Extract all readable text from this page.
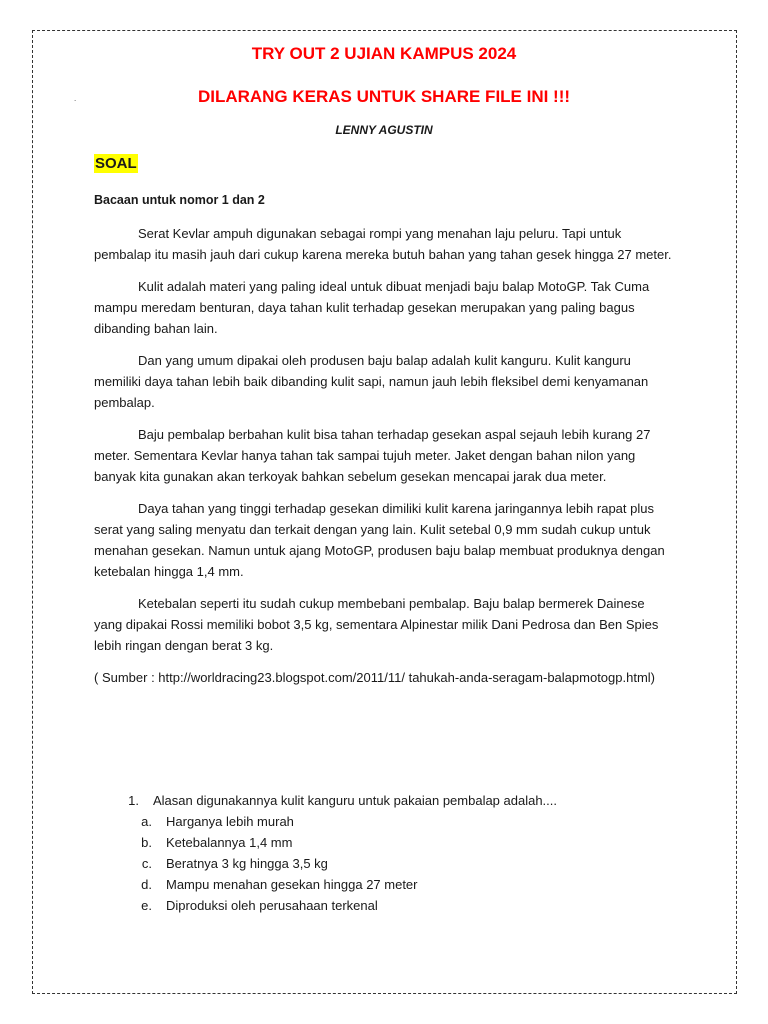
TRY OUT 2 UJIAN KAMPUS 2024
.	DILARANG KERAS UNTUK SHARE FILE INI !!!

LENNY AGUSTIN

SOAL

Bacaan untuk nomor 1 dan 2

Serat Kevlar ampuh digunakan sebagai rompi yang menahan laju peluru. Tapi untuk pembalap itu masih jauh dari cukup karena mereka butuh bahan yang tahan gesek hingga 27 meter.

Kulit adalah materi yang paling ideal untuk dibuat menjadi baju balap MotoGP. Tak Cuma mampu meredam benturan, daya tahan kulit terhadap gesekan merupakan yang paling bagus dibanding bahan lain.

Dan yang umum dipakai oleh produsen baju balap adalah kulit kanguru. Kulit kanguru memiliki daya tahan lebih baik dibanding kulit sapi, namun jauh lebih fleksibel demi kenyamanan pembalap.

Baju pembalap berbahan kulit bisa tahan terhadap gesekan aspal sejauh lebih kurang 27 meter. Sementara Kevlar hanya tahan tak sampai tujuh meter. Jaket dengan bahan nilon yang banyak kita gunakan akan terkoyak bahkan sebelum gesekan mencapai jarak dua meter.

Daya tahan yang tinggi terhadap gesekan dimiliki kulit karena jaringannya lebih rapat plus serat yang saling menyatu dan terkait dengan yang lain. Kulit setebal 0,9 mm sudah cukup untuk menahan gesekan. Namun untuk ajang MotoGP, produsen baju balap membuat produknya dengan ketebalan hingga 1,4 mm.

Ketebalan seperti itu sudah cukup membebani pembalap. Baju balap bermerek Dainese yang dipakai Rossi memiliki bobot 3,5 kg, sementara Alpinestar milik Dani Pedrosa dan Ben Spies lebih ringan dengan berat 3 kg.

( Sumber : http://worldracing23.blogspot.com/2011/11/ tahukah-anda-seragam-balapmotogp.html)

1. Alasan digunakannya kulit kanguru untuk pakaian pembalap adalah....
a.	Harganya lebih murah
b.	Ketebalannya 1,4 mm
c.	Beratnya 3 kg hingga 3,5 kg
d.	Mampu menahan gesekan hingga 27 meter
e.	Diproduksi oleh perusahaan terkenal
